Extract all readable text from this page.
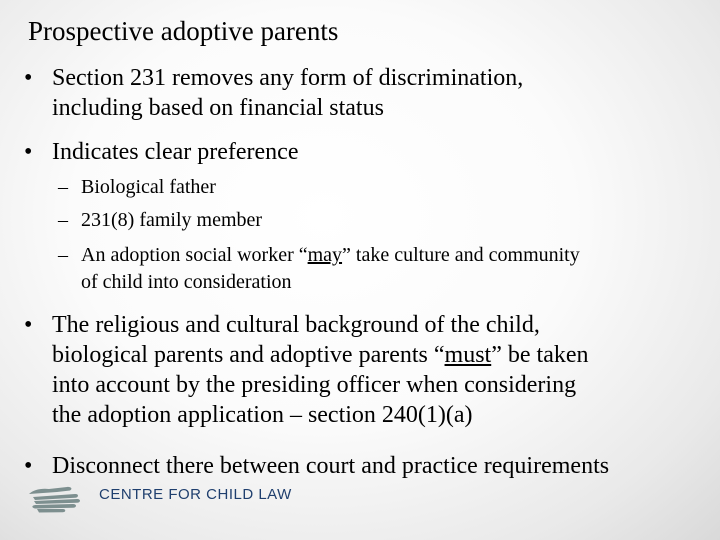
Prospective adoptive parents
• Section 231 removes any form of discrimination,
including based on financial status
• Indicates clear preference
– Biological father
– 231(8) family member
– An adoption social worker “may” take culture and community
of child into consideration
• The religious and cultural background of the child,
biological parents and adoptive parents “must” be taken
into account by the presiding officer when considering
the adoption application – section 240(1)(a)
• Disconnect there between court and practice requirements
CENTRE FOR CHILD LAW
